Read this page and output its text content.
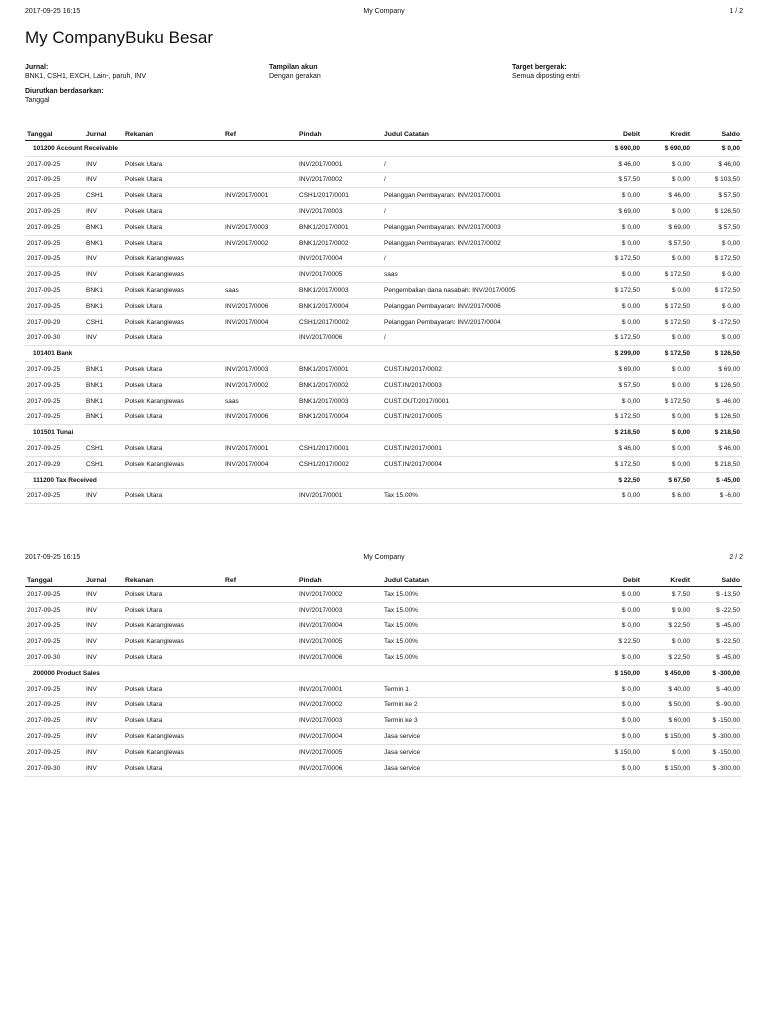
2017-09-25 16:15	My Company	1 / 2
My CompanyBuku Besar
Jurnal:
BNK1, CSH1, EXCH, Lain-, paruh, INV
Tampilan akun
Dengan gerakan
Target bergerak:
Semua diposting entri
Diurutkan berdasarkan:
Tanggal
Tanggal	Jurnal	Rekanan	Ref	Pindah	Judul Catatan	Debit	Kredit	Saldo
101200 Account Receivable						$ 690,00	$ 690,00	$ 0,00
2017-09-25	INV	Polsek Utara		INV/2017/0001	/	$ 46,00	$ 0,00	$ 46,00
2017-09-25	INV	Polsek Utara		INV/2017/0002	/	$ 57,50	$ 0,00	$ 103,50
2017-09-25	CSH1	Polsek Utara	INV/2017/0001	CSH1/2017/0001	Pelanggan Pembayaran: INV/2017/0001	$ 0,00	$ 46,00	$ 57,50
2017-09-25	INV	Polsek Utara		INV/2017/0003	/	$ 69,00	$ 0,00	$ 126,50
2017-09-25	BNK1	Polsek Utara	INV/2017/0003	BNK1/2017/0001	Pelanggan Pembayaran: INV/2017/0003	$ 0,00	$ 69,00	$ 57,50
2017-09-25	BNK1	Polsek Utara	INV/2017/0002	BNK1/2017/0002	Pelanggan Pembayaran: INV/2017/0002	$ 0,00	$ 57,50	$ 0,00
2017-09-25	INV	Polsek Karanglewas		INV/2017/0004	/	$ 172,50	$ 0,00	$ 172,50
2017-09-25	INV	Polsek Karanglewas		INV/2017/0005	saas	$ 0,00	$ 172,50	$ 0,00
2017-09-25	BNK1	Polsek Karanglewas	saas	BNK1/2017/0003	Pengembalian dana nasabah: INV/2017/0005	$ 172,50	$ 0,00	$ 172,50
2017-09-25	BNK1	Polsek Utara	INV/2017/0006	BNK1/2017/0004	Pelanggan Pembayaran: INV/2017/0006	$ 0,00	$ 172,50	$ 0,00
2017-09-29	CSH1	Polsek Karanglewas	INV/2017/0004	CSH1/2017/0002	Pelanggan Pembayaran: INV/2017/0004	$ 0,00	$ 172,50	$ -172,50
2017-09-30	INV	Polsek Utara		INV/2017/0006	/	$ 172,50	$ 0,00	$ 0,00
101401 Bank						$ 299,00	$ 172,50	$ 126,50
2017-09-25	BNK1	Polsek Utara	INV/2017/0003	BNK1/2017/0001	CUST.IN/2017/0002	$ 69,00	$ 0,00	$ 69,00
2017-09-25	BNK1	Polsek Utara	INV/2017/0002	BNK1/2017/0002	CUST.IN/2017/0003	$ 57,50	$ 0,00	$ 126,50
2017-09-25	BNK1	Polsek Karanglewas	saas	BNK1/2017/0003	CUST.OUT/2017/0001	$ 0,00	$ 172,50	$ -46,00
2017-09-25	BNK1	Polsek Utara	INV/2017/0006	BNK1/2017/0004	CUST.IN/2017/0005	$ 172,50	$ 0,00	$ 126,50
101501 Tunai						$ 218,50	$ 0,00	$ 218,50
2017-09-25	CSH1	Polsek Utara	INV/2017/0001	CSH1/2017/0001	CUST.IN/2017/0001	$ 46,00	$ 0,00	$ 46,00
2017-09-29	CSH1	Polsek Karanglewas	INV/2017/0004	CSH1/2017/0002	CUST.IN/2017/0004	$ 172,50	$ 0,00	$ 218,50
111200 Tax Received						$ 22,50	$ 67,50	$ -45,00
2017-09-25	INV	Polsek Utara		INV/2017/0001	Tax 15.00%	$ 0,00	$ 6,00	$ -6,00
2017-09-25 16:15	My Company	2 / 2
Tanggal	Jurnal	Rekanan	Ref	Pindah	Judul Catatan	Debit	Kredit	Saldo
2017-09-25	INV	Polsek Utara		INV/2017/0002	Tax 15.00%	$ 0,00	$ 7,50	$ -13,50
2017-09-25	INV	Polsek Utara		INV/2017/0003	Tax 15.00%	$ 0,00	$ 9,00	$ -22,50
2017-09-25	INV	Polsek Karanglewas		INV/2017/0004	Tax 15.00%	$ 0,00	$ 22,50	$ -45,00
2017-09-25	INV	Polsek Karanglewas		INV/2017/0005	Tax 15.00%	$ 22,50	$ 0,00	$ -22,50
2017-09-30	INV	Polsek Utara		INV/2017/0006	Tax 15.00%	$ 0,00	$ 22,50	$ -45,00
200000 Product Sales						$ 150,00	$ 450,00	$ -300,00
2017-09-25	INV	Polsek Utara		INV/2017/0001	Termin 1	$ 0,00	$ 40,00	$ -40,00
2017-09-25	INV	Polsek Utara		INV/2017/0002	Termin ke 2	$ 0,00	$ 50,00	$ -90,00
2017-09-25	INV	Polsek Utara		INV/2017/0003	Termin ke 3	$ 0,00	$ 60,00	$ -150,00
2017-09-25	INV	Polsek Karanglewas		INV/2017/0004	Jasa service	$ 0,00	$ 150,00	$ -300,00
2017-09-25	INV	Polsek Karanglewas		INV/2017/0005	Jasa service	$ 150,00	$ 0,00	$ -150,00
2017-09-30	INV	Polsek Utara		INV/2017/0006	Jasa service	$ 0,00	$ 150,00	$ -300,00
